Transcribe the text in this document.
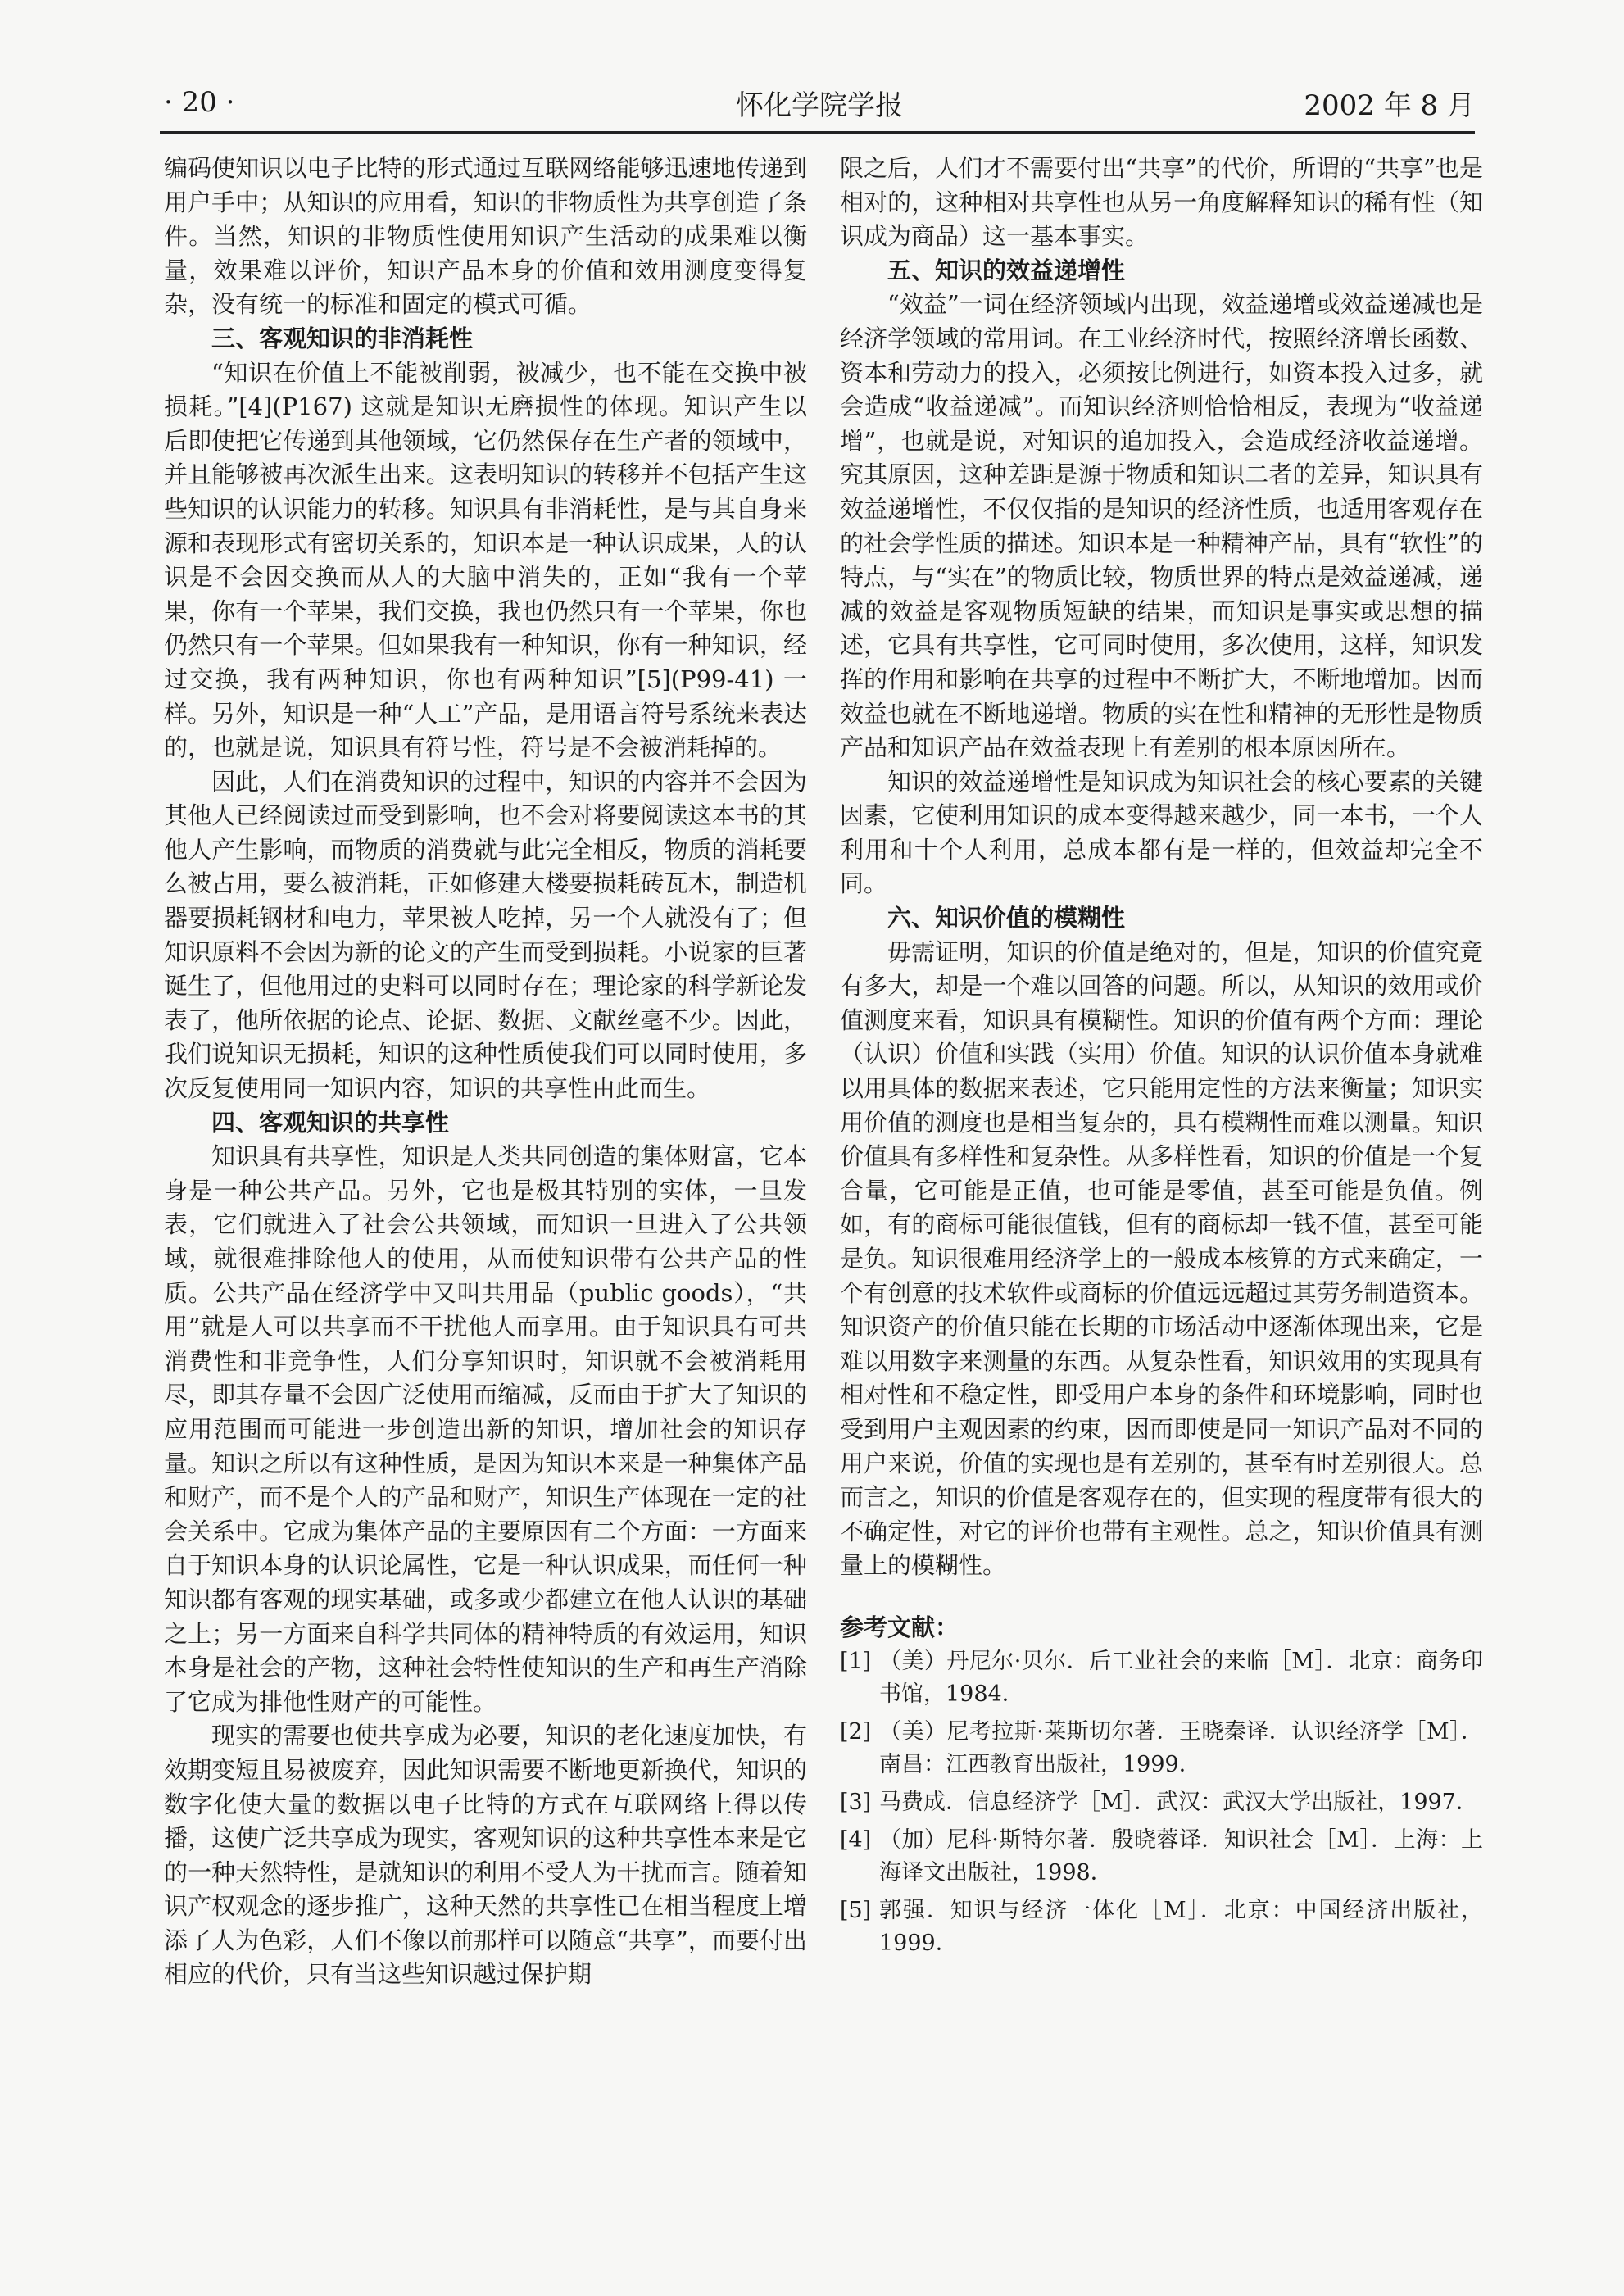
· 20 ·	怀化学院学报	2002 年 8 月

编码使知识以电子比特的形式通过互联网络能够迅速地传递到用户手中；从知识的应用看，知识的非物质性为共享创造了条件。当然，知识的非物质性使用知识产生活动的成果难以衡量，效果难以评价，知识产品本身的价值和效用测度变得复杂，没有统一的标准和固定的模式可循。

三、客观知识的非消耗性

“知识在价值上不能被削弱，被减少，也不能在交换中被损耗。”[4](P167) 这就是知识无磨损性的体现。知识产生以后即使把它传递到其他领域，它仍然保存在生产者的领域中，并且能够被再次派生出来。这表明知识的转移并不包括产生这些知识的认识能力的转移。知识具有非消耗性，是与其自身来源和表现形式有密切关系的，知识本是一种认识成果，人的认识是不会因交换而从人的大脑中消失的，正如“我有一个苹果，你有一个苹果，我们交换，我也仍然只有一个苹果，你也仍然只有一个苹果。但如果我有一种知识，你有一种知识，经过交换，我有两种知识，你也有两种知识”[5](P99-41) 一样。另外，知识是一种“人工”产品，是用语言符号系统来表达的，也就是说，知识具有符号性，符号是不会被消耗掉的。

因此，人们在消费知识的过程中，知识的内容并不会因为其他人已经阅读过而受到影响，也不会对将要阅读这本书的其他人产生影响，而物质的消费就与此完全相反，物质的消耗要么被占用，要么被消耗，正如修建大楼要损耗砖瓦木，制造机器要损耗钢材和电力，苹果被人吃掉，另一个人就没有了；但知识原料不会因为新的论文的产生而受到损耗。小说家的巨著诞生了，但他用过的史料可以同时存在；理论家的科学新论发表了，他所依据的论点、论据、数据、文献丝毫不少。因此，我们说知识无损耗，知识的这种性质使我们可以同时使用，多次反复使用同一知识内容，知识的共享性由此而生。

四、客观知识的共享性

知识具有共享性，知识是人类共同创造的集体财富，它本身是一种公共产品。另外，它也是极其特别的实体，一旦发表，它们就进入了社会公共领域，而知识一旦进入了公共领域，就很难排除他人的使用，从而使知识带有公共产品的性质。公共产品在经济学中又叫共用品（public goods），“共用”就是人可以共享而不干扰他人而享用。由于知识具有可共消费性和非竞争性，人们分享知识时，知识就不会被消耗用尽，即其存量不会因广泛使用而缩减，反而由于扩大了知识的应用范围而可能进一步创造出新的知识，增加社会的知识存量。知识之所以有这种性质，是因为知识本来是一种集体产品和财产，而不是个人的产品和财产，知识生产体现在一定的社会关系中。它成为集体产品的主要原因有二个方面：一方面来自于知识本身的认识论属性，它是一种认识成果，而任何一种知识都有客观的现实基础，或多或少都建立在他人认识的基础之上；另一方面来自科学共同体的精神特质的有效运用，知识本身是社会的产物，这种社会特性使知识的生产和再生产消除了它成为排他性财产的可能性。

现实的需要也使共享成为必要，知识的老化速度加快，有效期变短且易被废弃，因此知识需要不断地更新换代，知识的数字化使大量的数据以电子比特的方式在互联网络上得以传播，这使广泛共享成为现实，客观知识的这种共享性本来是它的一种天然特性，是就知识的利用不受人为干扰而言。随着知识产权观念的逐步推广，这种天然的共享性已在相当程度上增添了人为色彩，人们不像以前那样可以随意“共享”，而要付出相应的代价，只有当这些知识越过保护期

限之后，人们才不需要付出“共享”的代价，所谓的“共享”也是相对的，这种相对共享性也从另一角度解释知识的稀有性（知识成为商品）这一基本事实。

五、知识的效益递增性

“效益”一词在经济领域内出现，效益递增或效益递减也是经济学领域的常用词。在工业经济时代，按照经济增长函数、资本和劳动力的投入，必须按比例进行，如资本投入过多，就会造成“收益递减”。而知识经济则恰恰相反，表现为“收益递增”，也就是说，对知识的追加投入，会造成经济收益递增。究其原因，这种差距是源于物质和知识二者的差异，知识具有效益递增性，不仅仅指的是知识的经济性质，也适用客观存在的社会学性质的描述。知识本是一种精神产品，具有“软性”的特点，与“实在”的物质比较，物质世界的特点是效益递减，递减的效益是客观物质短缺的结果，而知识是事实或思想的描述，它具有共享性，它可同时使用，多次使用，这样，知识发挥的作用和影响在共享的过程中不断扩大，不断地增加。因而效益也就在不断地递增。物质的实在性和精神的无形性是物质产品和知识产品在效益表现上有差别的根本原因所在。

知识的效益递增性是知识成为知识社会的核心要素的关键因素，它使利用知识的成本变得越来越少，同一本书，一个人利用和十个人利用，总成本都有是一样的，但效益却完全不同。

六、知识价值的模糊性

毋需证明，知识的价值是绝对的，但是，知识的价值究竟有多大，却是一个难以回答的问题。所以，从知识的效用或价值测度来看，知识具有模糊性。知识的价值有两个方面：理论（认识）价值和实践（实用）价值。知识的认识价值本身就难以用具体的数据来表述，它只能用定性的方法来衡量；知识实用价值的测度也是相当复杂的，具有模糊性而难以测量。知识价值具有多样性和复杂性。从多样性看，知识的价值是一个复合量，它可能是正值，也可能是零值，甚至可能是负值。例如，有的商标可能很值钱，但有的商标却一钱不值，甚至可能是负。知识很难用经济学上的一般成本核算的方式来确定，一个有创意的技术软件或商标的价值远远超过其劳务制造资本。知识资产的价值只能在长期的市场活动中逐渐体现出来，它是难以用数字来测量的东西。从复杂性看，知识效用的实现具有相对性和不稳定性，即受用户本身的条件和环境影响，同时也受到用户主观因素的约束，因而即使是同一知识产品对不同的用户来说，价值的实现也是有差别的，甚至有时差别很大。总而言之，知识的价值是客观存在的，但实现的程度带有很大的不确定性，对它的评价也带有主观性。总之，知识价值具有测量上的模糊性。

参考文献：
[1] （美）丹尼尔·贝尔．后工业社会的来临［M］．北京：商务印书馆，1984．
[2] （美）尼考拉斯·莱斯切尔著．王晓秦译．认识经济学［M］．南昌：江西教育出版社，1999．
[3] 马费成．信息经济学［M］．武汉：武汉大学出版社，1997．
[4] （加）尼科·斯特尔著．殷晓蓉译．知识社会［M］．上海：上海译文出版社，1998．
[5] 郭强．知识与经济一体化［M］．北京：中国经济出版社，1999．
